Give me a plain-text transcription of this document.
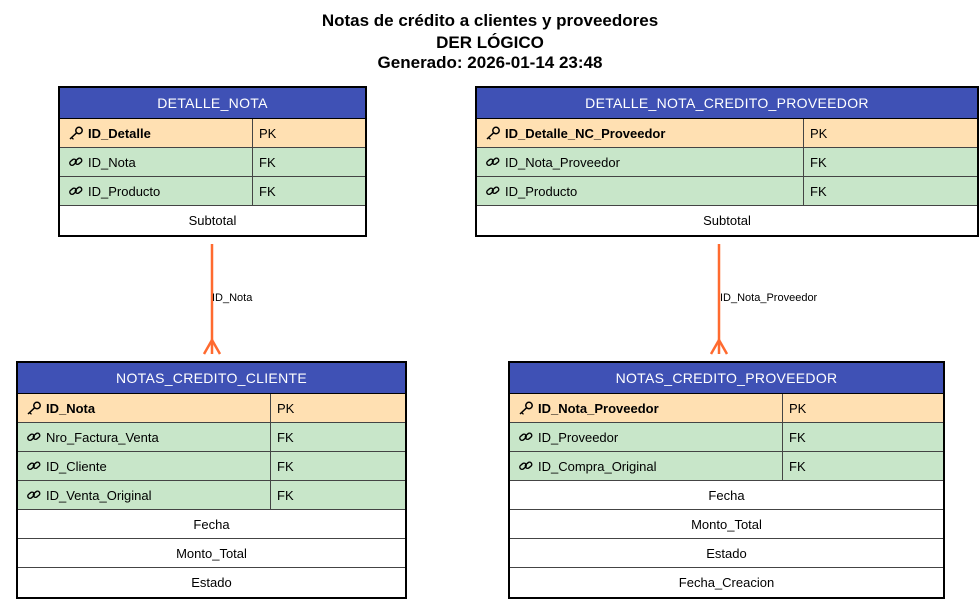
Notas de crédito a clientes y proveedores
DER LÓGICO
Generado: 2026-01-14 23:48
ID_Nota	ID_Nota_Proveedor
DETALLE_NOTA
ID_Detalle	PK
ID_Nota	FK
ID_Producto	FK
Subtotal
DETALLE_NOTA_CREDITO_PROVEEDOR
ID_Detalle_NC_Proveedor	PK
ID_Nota_Proveedor	FK
ID_Producto	FK
Subtotal
NOTAS_CREDITO_CLIENTE
ID_Nota	PK
Nro_Factura_Venta	FK
ID_Cliente	FK
ID_Venta_Original	FK
Fecha
Monto_Total
Estado
NOTAS_CREDITO_PROVEEDOR
ID_Nota_Proveedor	PK
ID_Proveedor	FK
ID_Compra_Original	FK
Fecha
Monto_Total
Estado
Fecha_Creacion
